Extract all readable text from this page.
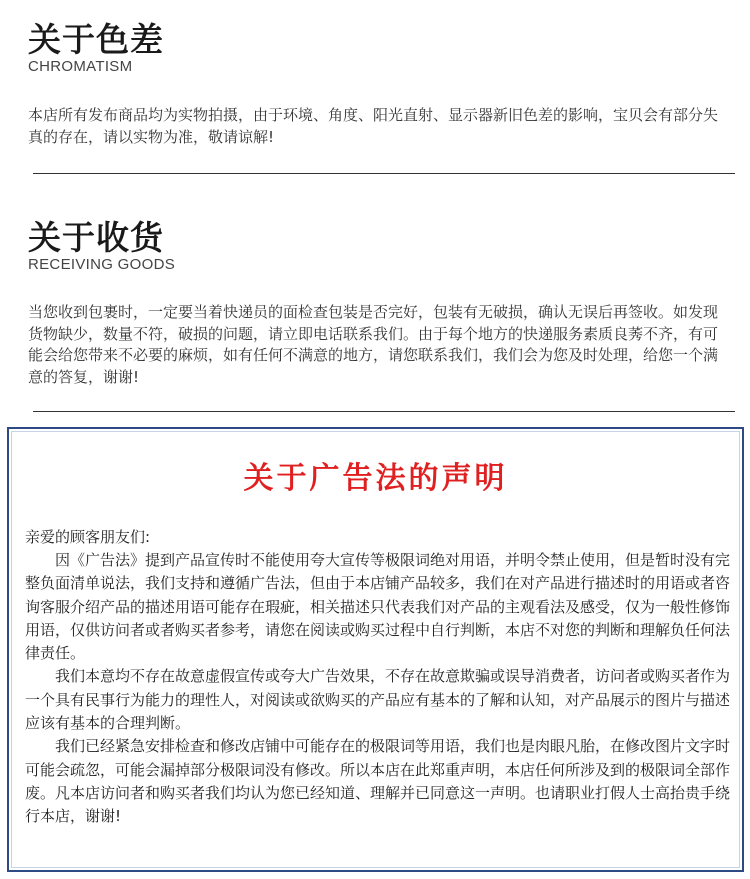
关于色差
CHROMATISM
本店所有发布商品均为实物拍摄，由于环境、角度、阳光直射、显示器新旧色差的影响，宝贝会有部分失真的存在，请以实物为准，敬请谅解!
关于收货
RECEIVING GOODS
当您收到包裹时，一定要当着快递员的面检查包装是否完好，包装有无破损，确认无误后再签收。如发现货物缺少，数量不符，破损的问题，请立即电话联系我们。由于每个地方的快递服务素质良莠不齐，有可能会给您带来不必要的麻烦，如有任何不满意的地方，请您联系我们，我们会为您及时处理，给您一个满意的答复，谢谢!
关于广告法的声明
亲爱的顾客朋友们:

因《广告法》提到产品宣传时不能使用夸大宣传等极限词绝对用语，并明令禁止使用，但是暂时没有完整负面清单说法，我们支持和遵循广告法，但由于本店铺产品较多，我们在对产品进行描述时的用语或者咨询客服介绍产品的描述用语可能存在瑕疵，相关描述只代表我们对产品的主观看法及感受，仅为一般性修饰用语，仅供访问者或者购买者参考，请您在阅读或购买过程中自行判断，本店不对您的判断和理解负任何法律责任。

我们本意均不存在故意虚假宣传或夸大广告效果，不存在故意欺骗或误导消费者，访问者或购买者作为一个具有民事行为能力的理性人，对阅读或欲购买的产品应有基本的了解和认知，对产品展示的图片与描述应该有基本的合理判断。

我们已经紧急安排检查和修改店铺中可能存在的极限词等用语，我们也是肉眼凡胎，在修改图片文字时可能会疏忽，可能会漏掉部分极限词没有修改。所以本店在此郑重声明，本店任何所涉及到的极限词全部作废。凡本店访问者和购买者我们均认为您已经知道、理解并已同意这一声明。也请职业打假人士高抬贵手绕行本店，谢谢!
